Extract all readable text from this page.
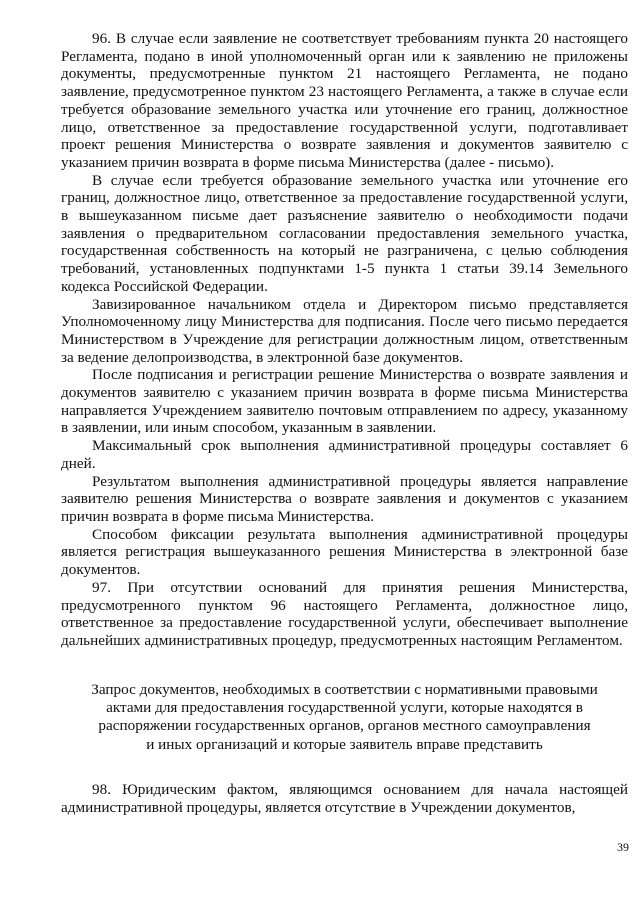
96. В случае если заявление не соответствует требованиям пункта 20 настоящего Регламента, подано в иной уполномоченный орган или к заявлению не приложены документы, предусмотренные пунктом 21 настоящего Регламента, не подано заявление, предусмотренное пунктом 23 настоящего Регламента, а также в случае если требуется образование земельного участка или уточнение его границ, должностное лицо, ответственное за предоставление государственной услуги, подготавливает проект решения Министерства о возврате заявления и документов заявителю с указанием причин возврата в форме письма Министерства (далее - письмо).

В случае если требуется образование земельного участка или уточнение его границ, должностное лицо, ответственное за предоставление государственной услуги, в вышеуказанном письме дает разъяснение заявителю о необходимости подачи заявления о предварительном согласовании предоставления земельного участка, государственная собственность на который не разграничена, с целью соблюдения требований, установленных подпунктами 1-5 пункта 1 статьи 39.14 Земельного кодекса Российской Федерации.

Завизированное начальником отдела и Директором письмо представляется Уполномоченному лицу Министерства для подписания. После чего письмо передается Министерством в Учреждение для регистрации должностным лицом, ответственным за ведение делопроизводства, в электронной базе документов.

После подписания и регистрации решение Министерства о возврате заявления и документов заявителю с указанием причин возврата в форме письма Министерства направляется Учреждением заявителю почтовым отправлением по адресу, указанному в заявлении, или иным способом, указанным в заявлении.

Максимальный срок выполнения административной процедуры составляет 6 дней.

Результатом выполнения административной процедуры является направление заявителю решения Министерства о возврате заявления и документов с указанием причин возврата в форме письма Министерства.

Способом фиксации результата выполнения административной процедуры является регистрация вышеуказанного решения Министерства в электронной базе документов.

97. При отсутствии оснований для принятия решения Министерства, предусмотренного пунктом 96 настоящего Регламента, должностное лицо, ответственное за предоставление государственной услуги, обеспечивает выполнение дальнейших административных процедур, предусмотренных настоящим Регламентом.

Запрос документов, необходимых в соответствии с нормативными правовыми
актами для предоставления государственной услуги, которые находятся в
распоряжении государственных органов, органов местного самоуправления
и иных организаций и которые заявитель вправе представить

98. Юридическим фактом, являющимся основанием для начала настоящей административной процедуры, является отсутствие в Учреждении документов,

39
